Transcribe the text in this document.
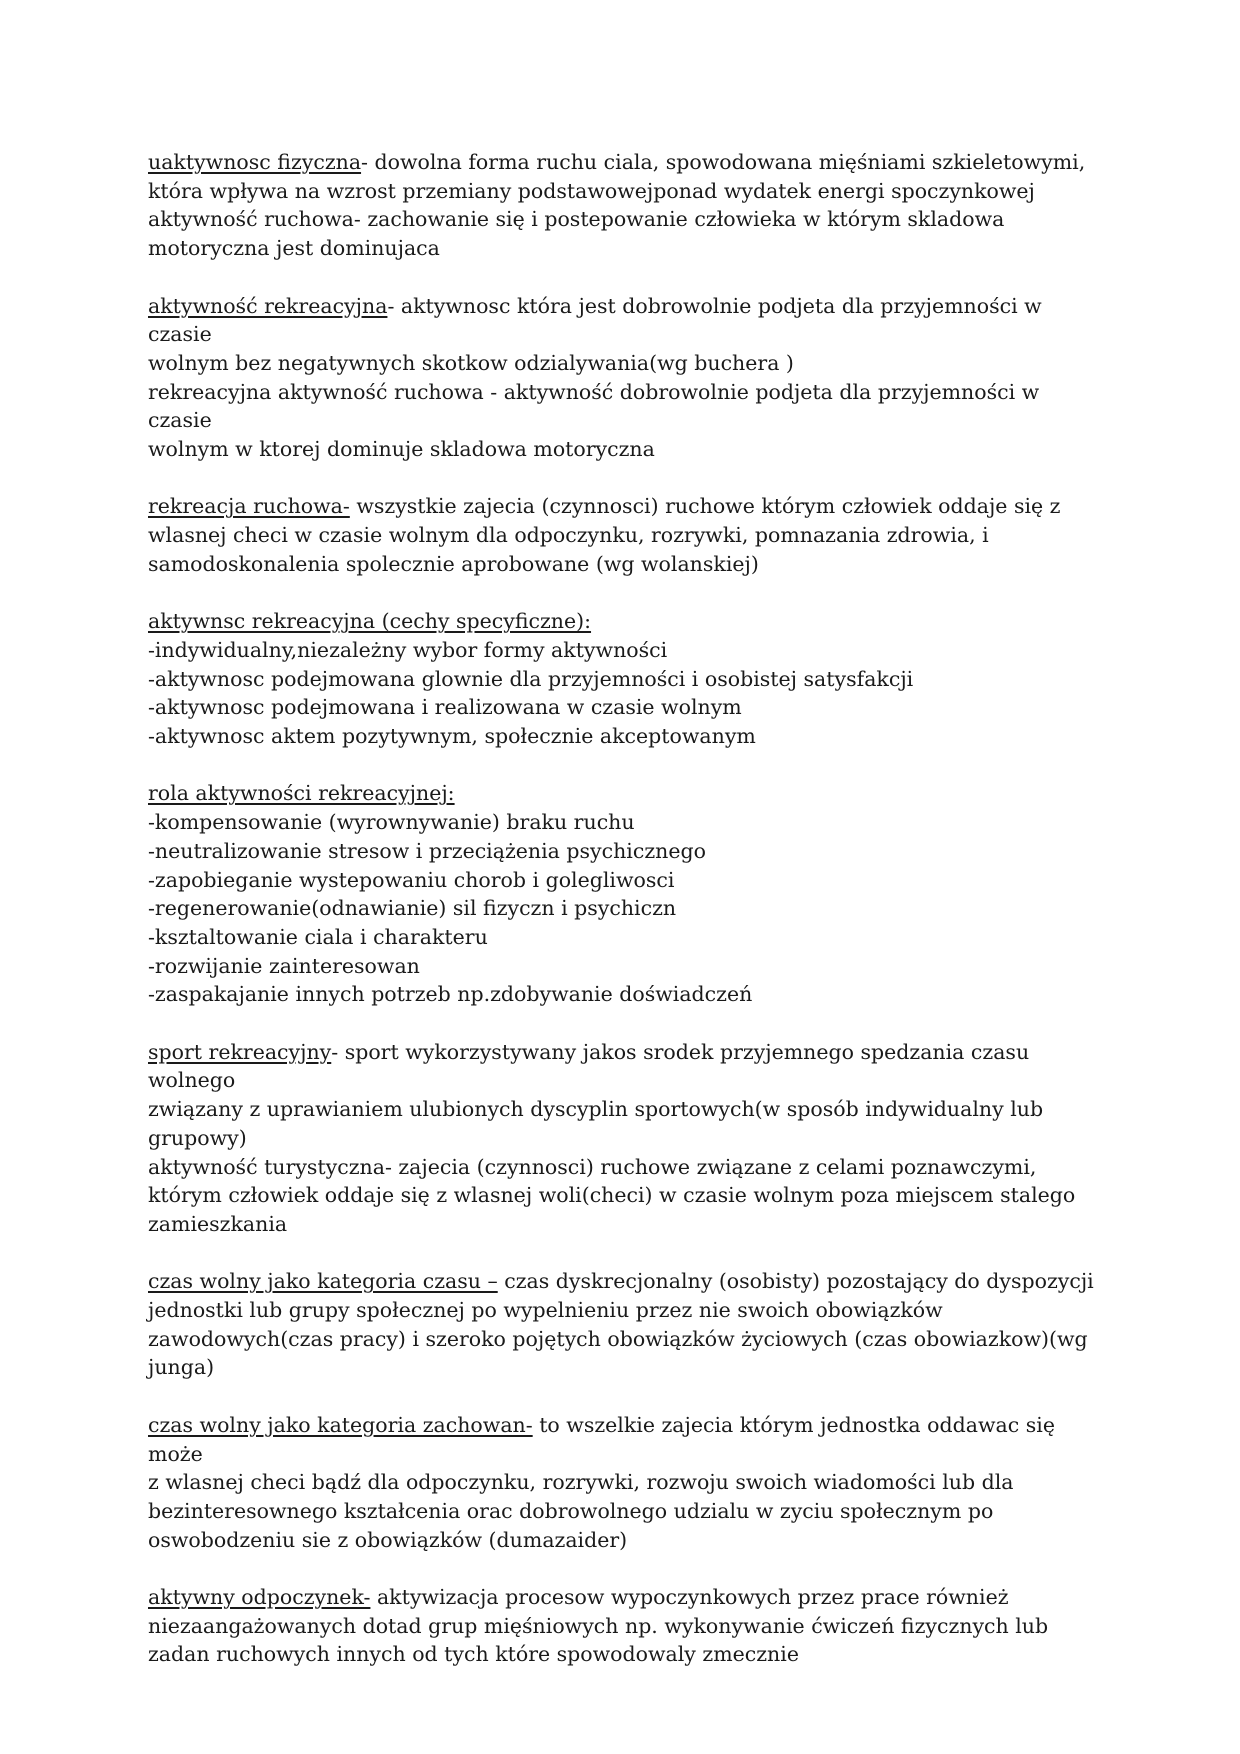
uaktywnosc fizyczna- dowolna forma ruchu ciala, spowodowana mięśniami szkieletowymi,
która wpływa na wzrost przemiany podstawowejponad wydatek energi spoczynkowej
aktywność ruchowa- zachowanie się i postepowanie człowieka w którym skladowa
motoryczna jest dominujaca
aktywność rekreacyjna- aktywnosc która jest dobrowolnie podjeta dla przyjemności w czasie
wolnym bez negatywnych skotkow odzialywania(wg buchera )
rekreacyjna aktywność ruchowa - aktywność dobrowolnie podjeta dla przyjemności w czasie
wolnym w ktorej dominuje skladowa motoryczna
rekreacja ruchowa- wszystkie zajecia (czynnosci) ruchowe którym człowiek oddaje się z
wlasnej checi w czasie wolnym dla odpoczynku, rozrywki, pomnazania zdrowia, i
samodoskonalenia spolecznie aprobowane (wg wolanskiej)
aktywnsc rekreacyjna (cechy specyficzne):
-indywidualny,niezależny wybor formy aktywności
-aktywnosc podejmowana glownie dla przyjemności i osobistej satysfakcji
-aktywnosc podejmowana i realizowana w czasie wolnym
-aktywnosc aktem pozytywnym, społecznie akceptowanym
rola aktywności rekreacyjnej:
-kompensowanie (wyrownywanie) braku ruchu
-neutralizowanie stresow i przeciążenia psychicznego
-zapobieganie wystepowaniu chorob i golegliwosci
-regenerowanie(odnawianie) sil fizyczn i psychiczn
-ksztaltowanie ciala i charakteru
-rozwijanie zainteresowan
-zaspakajanie innych potrzeb np.zdobywanie doświadczeń
sport rekreacyjny- sport wykorzystywany jakos srodek przyjemnego spedzania czasu wolnego
związany z uprawianiem ulubionych dyscyplin sportowych(w sposób indywidualny lub
grupowy)
aktywność turystyczna- zajecia (czynnosci) ruchowe związane z celami poznawczymi,
którym człowiek oddaje się z wlasnej woli(checi) w czasie wolnym poza miejscem stalego
zamieszkania
czas wolny jako kategoria czasu – czas dyskrecjonalny (osobisty) pozostający do dyspozycji
jednostki lub grupy społecznej po wypelnieniu przez nie swoich obowiązków
zawodowych(czas pracy) i szeroko pojętych obowiązków życiowych (czas obowiazkow)(wg
junga)
czas wolny jako kategoria zachowan- to wszelkie zajecia którym jednostka oddawac się może
z wlasnej checi bądź dla odpoczynku, rozrywki, rozwoju swoich wiadomości lub dla
bezinteresownego kształcenia orac dobrowolnego udzialu w zyciu społecznym po
oswobodzeniu sie z obowiązków (dumazaider)
aktywny odpoczynek- aktywizacja procesow wypoczynkowych przez prace również
niezaangażowanych dotad grup mięśniowych np. wykonywanie ćwiczeń fizycznych lub
zadan ruchowych innych od tych które spowodowaly zmecznie
